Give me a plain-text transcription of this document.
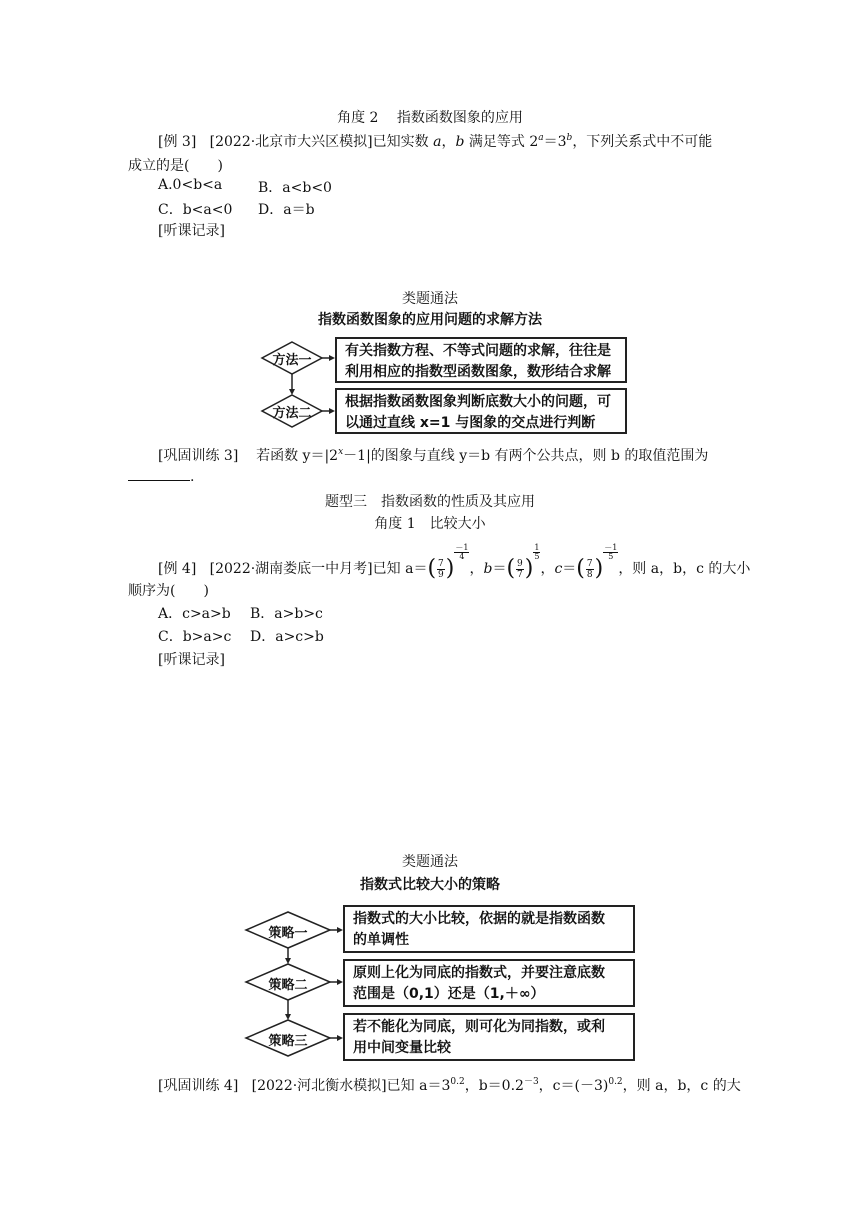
角度 2　 指数函数图象的应用
[例 3] [2022·北京市大兴区模拟]已知实数 a，b 满足等式 $2^a=3^b$，下列关系式中不可能
成立的是(　　)
A.0<b<a	B．a<b<0
C．b<a<0 D．a＝b
[听课记录]
类题通法
指数函数图象的应用问题的求解方法
方法一
方法二
有关指数方程、不等式问题的求解，往往是
利用相应的指数型函数图象，数形结合求解
根据指数函数图象判断底数大小的问题，可
以通过直线 x=1 与图象的交点进行判断
[巩固训练 3] 若函数 $y=|2^x-1|$的图象与直线 y＝b 有两个公共点，则 b 的取值范围为
.
题型三　指数函数的性质及其应用
角度 1　比较大小
[例 4] [2022·湖南娄底一中月考]已知 $a=( \frac{7}{9}$ )
$\frac{-1}{4}$
，$b=( \frac{9}{7}$ )
$\frac{1}{5}$
，$c=( \frac{7}{8}$ )
$\frac{-1}{5}$
，则 a，b，c 的大小
顺序为(　　)
A．c>a>b B．a>b>c
C．b>a>c D．a>c>b
[听课记录]
类题通法
指数式比较大小的策略
策略一
策略二
策略三
指数式的大小比较，依据的就是指数函数
的单调性
原则上化为同底的指数式，并要注意底数
范围是（0,1）还是（1,＋∞）
若不能化为同底，则可化为同指数，或利
用中间变量比较
[巩固训练 4] [2022·河北衡水模拟]已知 $a=3^{0.2}$，$b=0.2^{-3}$，$c=(-3)^{0.2}$，则 a，b，c 的大
